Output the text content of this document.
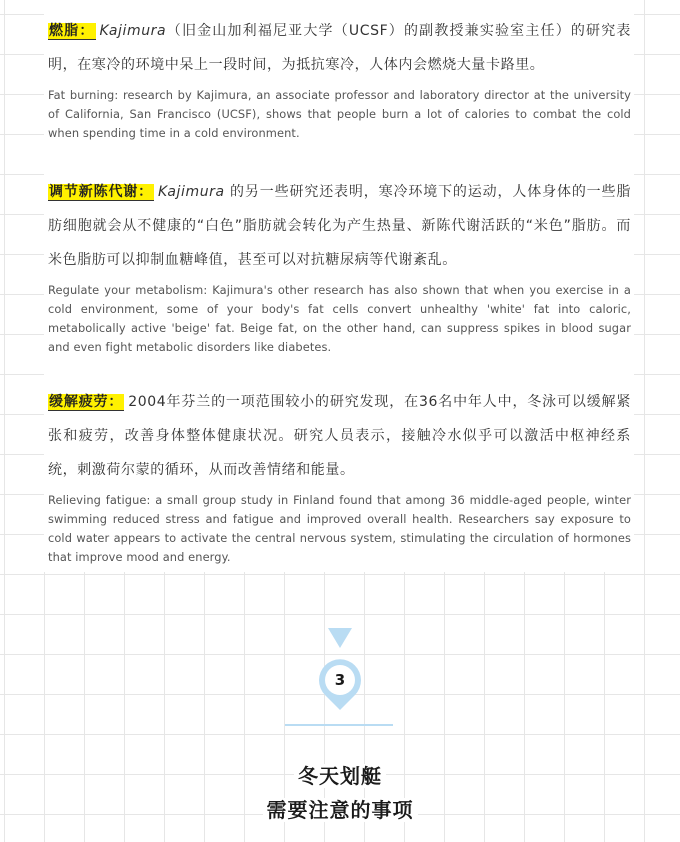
燃脂： Kajimura（旧金山加利福尼亚大学（UCSF）的副教授兼实验室主任）的研究表明，在寒冷的环境中呆上一段时间，为抵抗寒冷，人体内会燃烧大量卡路里。

Fat burning: research by Kajimura, an associate professor and laboratory director at the university of California, San Francisco (UCSF), shows that people burn a lot of calories to combat the cold when spending time in a cold environment.

调节新陈代谢： Kajimura 的另一些研究还表明，寒冷环境下的运动，人体身体的一些脂肪细胞就会从不健康的“白色”脂肪就会转化为产生热量、新陈代谢活跃的“米色”脂肪。而米色脂肪可以抑制血糖峰值，甚至可以对抗糖尿病等代谢紊乱。

Regulate your metabolism: Kajimura's other research has also shown that when you exercise in a cold environment, some of your body's fat cells convert unhealthy 'white' fat into caloric, metabolically active 'beige' fat. Beige fat, on the other hand, can suppress spikes in blood sugar and even fight metabolic disorders like diabetes.

缓解疲劳： 2004年芬兰的一项范围较小的研究发现，在36名中年人中，冬泳可以缓解紧张和疲劳，改善身体整体健康状况。研究人员表示，接触冷水似乎可以激活中枢神经系统，刺激荷尔蒙的循环，从而改善情绪和能量。

Relieving fatigue: a small group study in Finland found that among 36 middle-aged people, winter swimming reduced stress and fatigue and improved overall health. Researchers say exposure to cold water appears to activate the central nervous system, stimulating the circulation of hormones that improve mood and energy.

3
冬天划艇
需要注意的事项
